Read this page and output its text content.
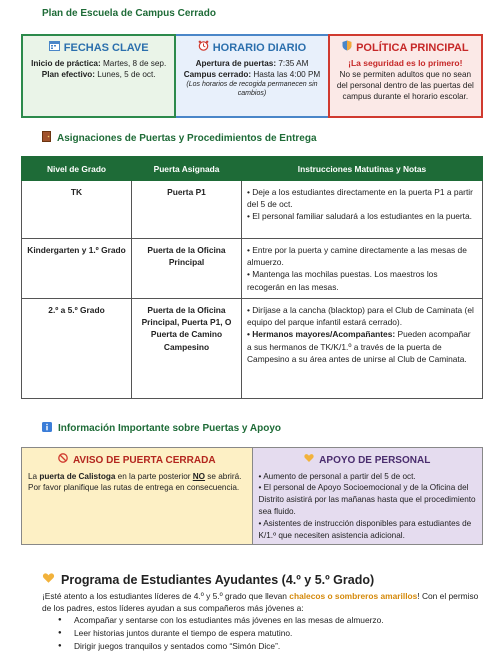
Plan de Escuela de Campus Cerrado
FECHAS CLAVE
Inicio de práctica: Martes, 8 de sep.
Plan efectivo: Lunes, 5 de oct.
HORARIO DIARIO
Apertura de puertas: 7:35 AM
Campus cerrado: Hasta las 4:00 PM
(Los horarios de recogida permanecen sin cambios)
POLÍTICA PRINCIPAL
¡La seguridad es lo primero!
No se permiten adultos que no sean del personal dentro de las puertas del campus durante el horario escolar.
Asignaciones de Puertas y Procedimientos de Entrega
Nivel de Grado	Puerta Asignada	Instrucciones Matutinas y Notas
TK	Puerta P1	• Deje a los estudiantes directamente en la puerta P1 a partir del 5 de oct.
• El personal familiar saludará a los estudiantes en la puerta.

Kindergarten y 1.º Grado	Puerta de la Oficina Principal	• Entre por la puerta y camine directamente a las mesas de almuerzo.
• Mantenga las mochilas puestas. Los maestros los recogerán en las mesas.

2.º a 5.º Grado	Puerta de la Oficina Principal, Puerta P1, O Puerta de Camino Campesino	• Diríjase a la cancha (blacktop) para el Club de Caminata (el equipo del parque infantil estará cerrado).
• Hermanos mayores/Acompañantes: Pueden acompañar a sus hermanos de TK/K/1.º a través de la puerta de Campesino a su área antes de unirse al Club de Caminata.
Información Importante sobre Puertas y Apoyo
AVISO DE PUERTA CERRADA
La puerta de Calistoga en la parte posterior NO se abrirá. Por favor planifique las rutas de entrega en consecuencia.
APOYO DE PERSONAL
• Aumento de personal a partir del 5 de oct.
• El personal de Apoyo Socioemocional y de la Oficina del Distrito asistirá por las mañanas hasta que el procedimiento sea fluido.
• Asistentes de instrucción disponibles para estudiantes de K/1.º que necesiten asistencia adicional.
Programa de Estudiantes Ayudantes (4.º y 5.º Grado)
¡Esté atento a los estudiantes líderes de 4.º y 5.º grado que llevan chalecos o sombreros amarillos! Con el permiso de los padres, estos líderes ayudan a sus compañeros más jóvenes a:
● Acompañar y sentarse con los estudiantes más jóvenes en las mesas de almuerzo.
● Leer historias juntos durante el tiempo de espera matutino.
● Dirigir juegos tranquilos y sentados como “Simón Dice”.
